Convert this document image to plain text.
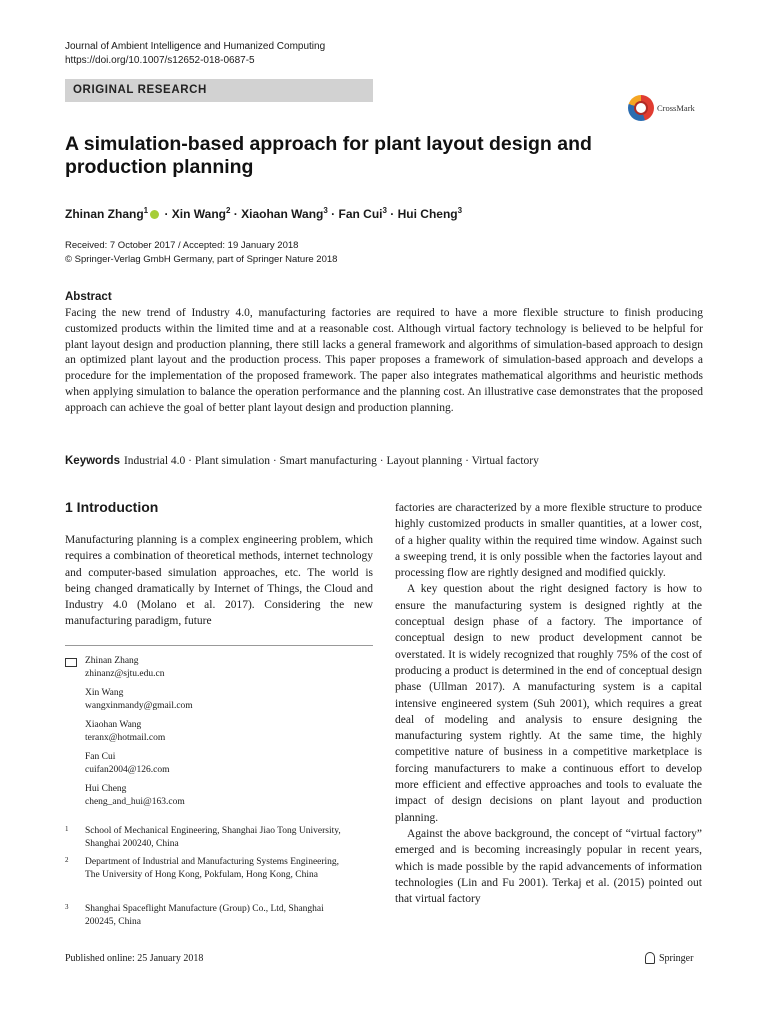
Journal of Ambient Intelligence and Humanized Computing
https://doi.org/10.1007/s12652-018-0687-5
ORIGINAL RESEARCH
CrossMark
A simulation-based approach for plant layout design and production planning
Zhinan Zhang$^1$ · Xin Wang$^2$ · Xiaohan Wang$^3$ · Fan Cui$^3$ · Hui Cheng$^3$
Received: 7 October 2017 / Accepted: 19 January 2018
© Springer-Verlag GmbH Germany, part of Springer Nature 2018
Abstract
Facing the new trend of Industry 4.0, manufacturing factories are required to have a more flexible structure to finish producing customized products within the limited time and at a reasonable cost. Although virtual factory technology is believed to be helpful for plant layout design and production planning, there still lacks a general framework and algorithms of simulation-based approach to design an optimized plant layout and the production process. This paper proposes a framework of simulation-based approach and develops a procedure for the implementation of the proposed framework. The paper also integrates mathematical algorithms and heuristic methods when applying simulation to balance the operation performance and the planning cost. An illustrative case demonstrates that the proposed approach can achieve the goal of better plant layout design and production planning.
Keywords Industrial 4.0 · Plant simulation · Smart manufacturing · Layout planning · Virtual factory
1 Introduction

Manufacturing planning is a complex engineering problem, which requires a combination of theoretical methods, internet technology and computer-based simulation approaches, etc. The world is being changed dramatically by Internet of Things, the Cloud and Industry 4.0 (Molano et al. 2017). Considering the new manufacturing paradigm, future

factories are characterized by a more flexible structure to produce highly customized products in smaller quantities, at a lower cost, of a higher quality within the required time window. Against such a sweeping trend, it is only possible when the factories layout and processing flow are rightly designed and modified quickly.

A key question about the right designed factory is how to ensure the manufacturing system is designed rightly at the conceptual design phase of a factory. The importance of conceptual design to new product development cannot be overstated. It is widely recognized that roughly 75% of the cost of producing a product is determined in the end of conceptual design phase (Ullman 2017). A manufacturing system is a capital intensive engineered system (Suh 2001), which requires a great deal of modeling and analysis to ensure designing the manufacturing system rightly. At the same time, the highly competitive nature of business in a competitive marketplace is forcing manufacturers to make a continuous effort to develop more efficient and effective approaches and tools to evaluate the impact of design decisions on plant layout and production planning.

Against the above background, the concept of “virtual factory” emerged and is becoming increasingly popular in recent years, which is made possible by the rapid advancements of information technologies (Lin and Fu 2001). Terkaj et al. (2015) pointed out that virtual factory

Zhinan Zhang
zhinanz@sjtu.edu.cn
Xin Wang
wangxinmandy@gmail.com
Xiaohan Wang
teranx@hotmail.com
Fan Cui
cuifan2004@126.com
Hui Cheng
cheng_and_hui@163.com
1 School of Mechanical Engineering, Shanghai Jiao Tong University, Shanghai 200240, China
2 Department of Industrial and Manufacturing Systems Engineering, The University of Hong Kong, Pokfulam, Hong Kong, China
3 Shanghai Spaceflight Manufacture (Group) Co., Ltd, Shanghai 200245, China
Published online: 25 January 2018	Springer
